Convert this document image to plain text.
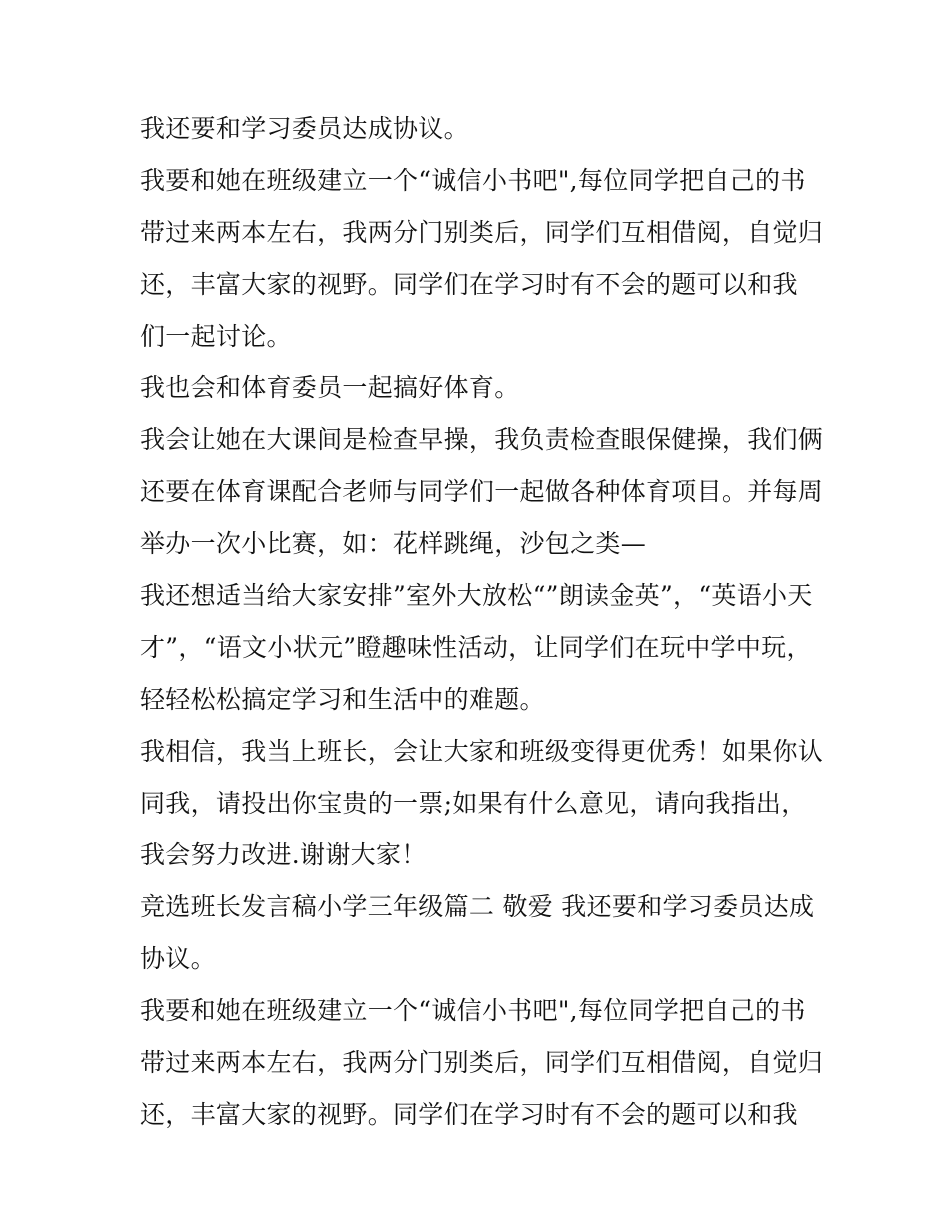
我还要和学习委员达成协议。
我要和她在班级建立一个“诚信小书吧",每位同学把自己的书
带过来两本左右，我两分门别类后，同学们互相借阅，自觉归
还，丰富大家的视野。同学们在学习时有不会的题可以和我
们一起讨论。
我也会和体育委员一起搞好体育。
我会让她在大课间是检查早操，我负责检查眼保健操，我们俩
还要在体育课配合老师与同学们一起做各种体育项目。并每周
举办一次小比赛，如：花样跳绳，沙包之类—
我还想适当给大家安排”室外大放松“”朗读金英”，“英语小天
才”，“语文小状元”瞪趣味性活动，让同学们在玩中学中玩，
轻轻松松搞定学习和生活中的难题。
我相信，我当上班长，会让大家和班级变得更优秀！如果你认
同我，请投出你宝贵的一票;如果有什么意见，请向我指出，
我会努力改进.谢谢大家！
竞选班长发言稿小学三年级篇二 敬爱 我还要和学习委员达成
协议。
我要和她在班级建立一个“诚信小书吧",每位同学把自己的书
带过来两本左右，我两分门别类后，同学们互相借阅，自觉归
还，丰富大家的视野。同学们在学习时有不会的题可以和我
